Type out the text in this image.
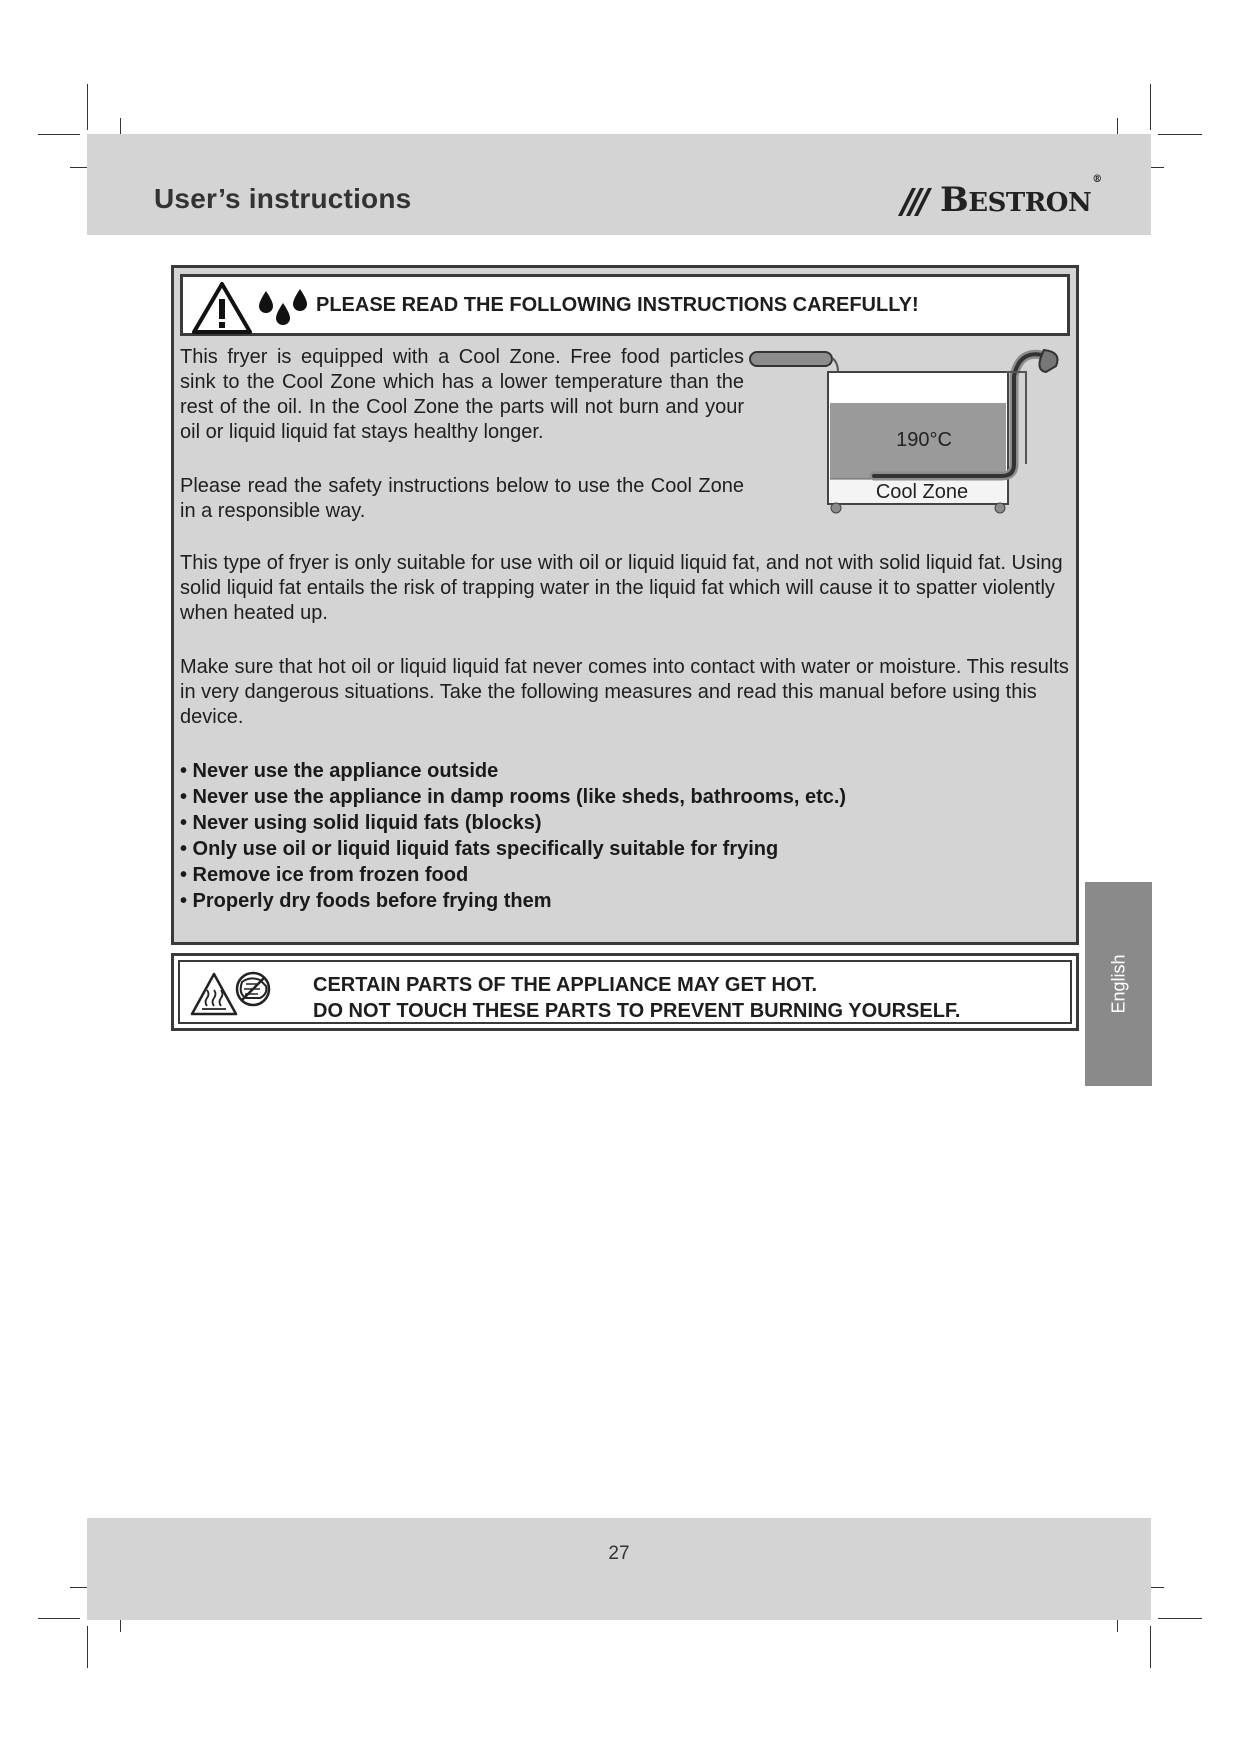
User’s instructions	BESTRON®
PLEASE READ THE FOLLOWING INSTRUCTIONS CAREFULLY!
This fryer is equipped with a Cool Zone. Free food particles sink to the Cool Zone which has a lower temperature than the rest of the oil. In the Cool Zone the parts will not burn and your oil or liquid liquid fat stays healthy longer.
Please read the safety instructions below to use the Cool Zone in a responsible way.
190°C
Cool Zone
This type of fryer is only suitable for use with oil or liquid liquid fat, and not with solid liquid fat. Using solid liquid fat entails the risk of trapping water in the liquid fat which will cause it to spatter violently when heated up.
Make sure that hot oil or liquid liquid fat never comes into contact with water or moisture. This results in very dangerous situations. Take the following measures and read this manual before using this device.
• Never use the appliance outside
• Never use the appliance in damp rooms (like sheds, bathrooms, etc.)
• Never using solid liquid fats (blocks)
• Only use oil or liquid liquid fats specifically suitable for frying
• Remove ice from frozen food
• Properly dry foods before frying them
CERTAIN PARTS OF THE APPLIANCE MAY GET HOT.
DO NOT TOUCH THESE PARTS TO PREVENT BURNING YOURSELF.	English
27
